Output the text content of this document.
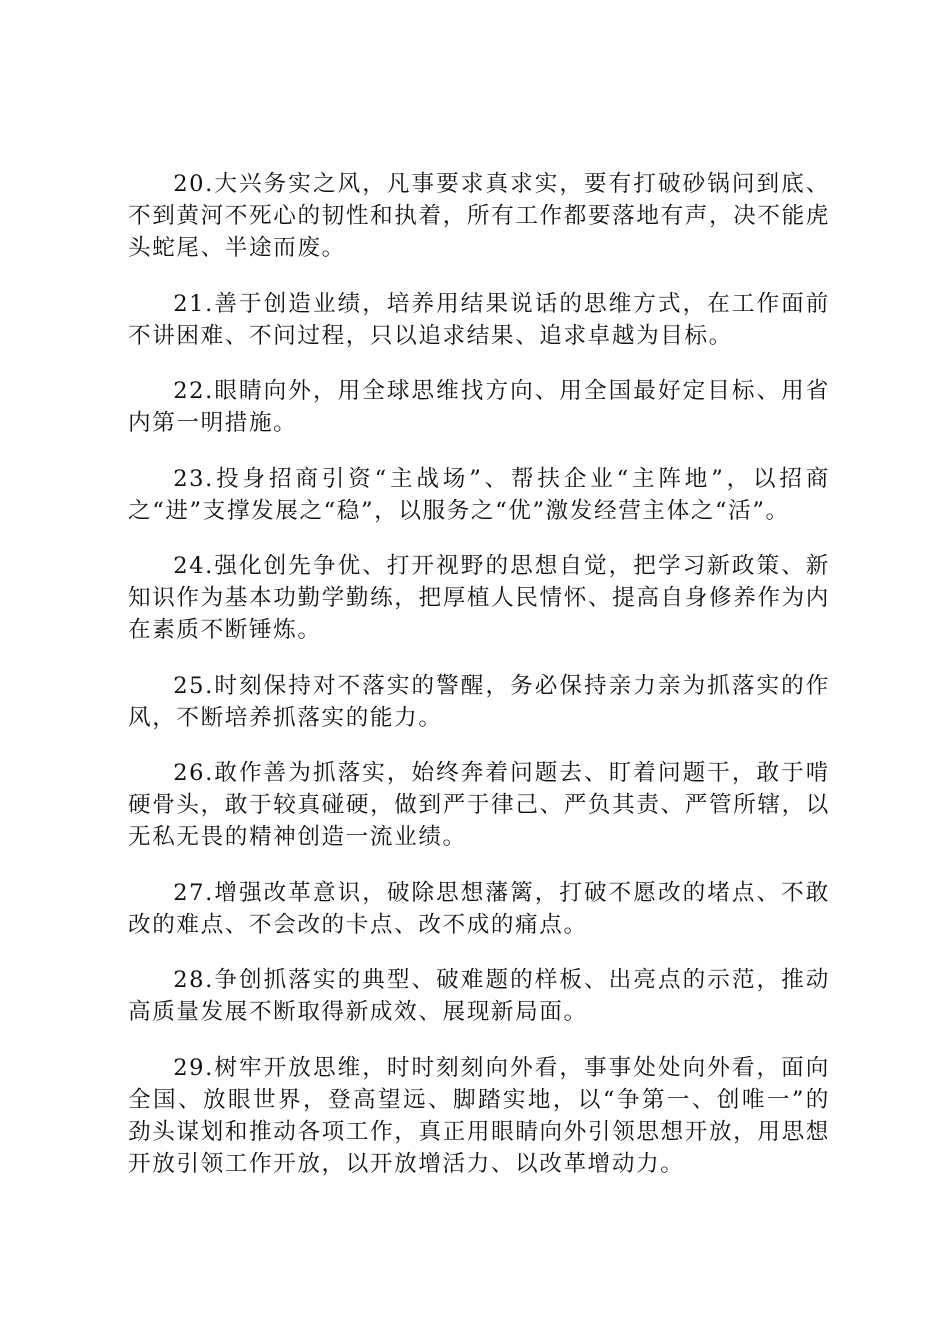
20.大兴务实之风，凡事要求真求实，要有打破砂锅问到底、不到黄河不死心的韧性和执着，所有工作都要落地有声，决不能虎头蛇尾、半途而废。

21.善于创造业绩，培养用结果说话的思维方式，在工作面前不讲困难、不问过程，只以追求结果、追求卓越为目标。

22.眼睛向外，用全球思维找方向、用全国最好定目标、用省内第一明措施。

23.投身招商引资“主战场”、帮扶企业“主阵地”，以招商之“进”支撑发展之“稳”，以服务之“优”激发经营主体之“活”。

24.强化创先争优、打开视野的思想自觉，把学习新政策、新知识作为基本功勤学勤练，把厚植人民情怀、提高自身修养作为内在素质不断锤炼。

25.时刻保持对不落实的警醒，务必保持亲力亲为抓落实的作风，不断培养抓落实的能力。

26.敢作善为抓落实，始终奔着问题去、盯着问题干，敢于啃硬骨头，敢于较真碰硬，做到严于律己、严负其责、严管所辖，以无私无畏的精神创造一流业绩。

27.增强改革意识，破除思想藩篱，打破不愿改的堵点、不敢改的难点、不会改的卡点、改不成的痛点。

28.争创抓落实的典型、破难题的样板、出亮点的示范，推动高质量发展不断取得新成效、展现新局面。

29.树牢开放思维，时时刻刻向外看，事事处处向外看，面向全国、放眼世界，登高望远、脚踏实地，以“争第一、创唯一”的劲头谋划和推动各项工作，真正用眼睛向外引领思想开放，用思想开放引领工作开放，以开放增活力、以改革增动力。
